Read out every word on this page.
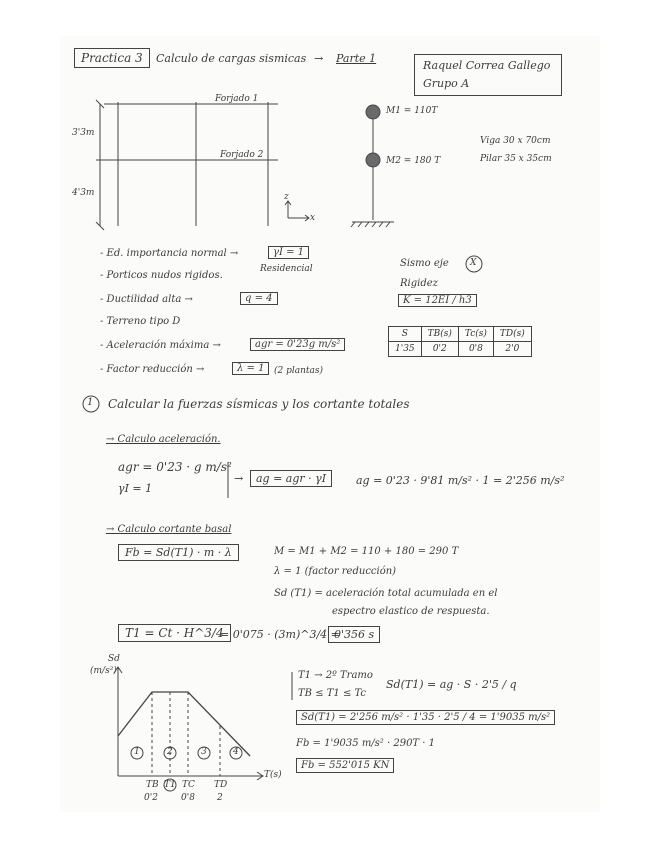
Practica 3	Calculo de cargas sismicas → Parte 1
Raquel Correa Gallego
Grupo A
Forjado 1
Forjado 2
3'3m
4'3m	z
x
M1 = 110T
M2 = 180 T
Viga 30 x 70cm
Pilar 35 x 35cm
- Ed. importancia normal →	γI = 1
Residencial
- Porticos nudos rigidos.
- Ductilidad alta →	q = 4
- Terreno tipo D
- Aceleración máxima →	agr = 0'23g m/s²
- Factor reducción →	λ = 1	(2 plantas)
Sismo eje X
Rigidez
K = 12EI / h3
S	TB(s)	Tc(s)	TD(s)
1'35	0'2	0'8	2'0
1 Calcular la fuerzas sísmicas y los cortante totales
→ Calculo aceleración.
agr = 0'23 · g m/s²
γI = 1
→	ag = agr · γI	ag = 0'23 · 9'81 m/s² · 1 = 2'256 m/s²
→ Calculo cortante basal
Fb = Sd(T1) · m · λ	M = M1 + M2 = 110 + 180 = 290 T
λ = 1 (factor reducción)
Sd (T1) = aceleración total acumulada en el
espectro elastico de respuesta.
T1 = Ct · H^3/4
= 0'075 · (3m)^3/4 =
0'356 s
Sd
(m/s²)
T(s)
1	2	3	4
TB T1 TC TD
0'2	0'8 2
T1 → 2º Tramo
TB ≤ T1 ≤ Tc
Sd(T1) = ag · S · 2'5 / q
Sd(T1) = 2'256 m/s² · 1'35 · 2'5 / 4 = 1'9035 m/s²
Fb = 1'9035 m/s² · 290T · 1
Fb = 552'015 KN
